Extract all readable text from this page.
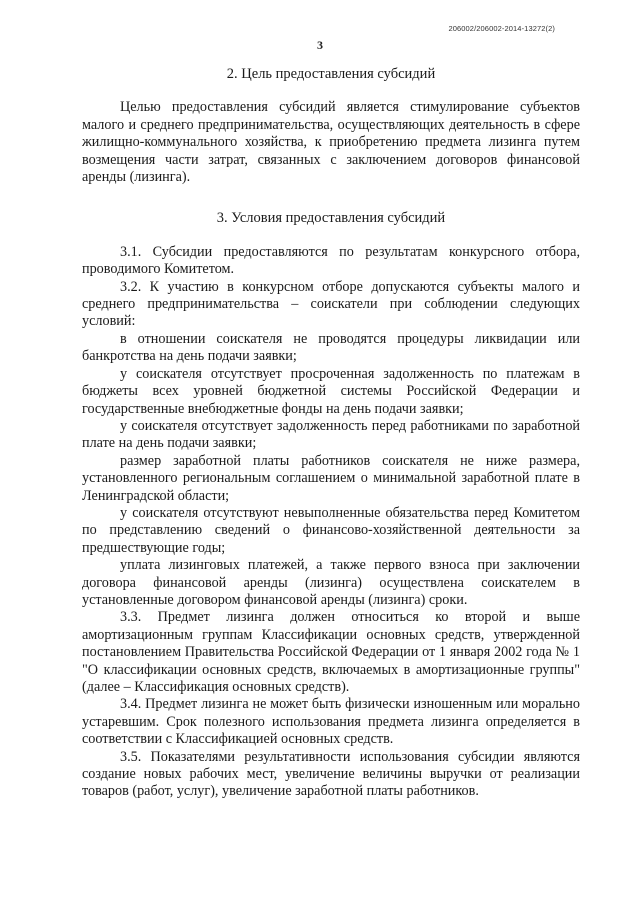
206002/206002-2014-13272(2)
3
2. Цель предоставления субсидий

Целью предоставления субсидий является стимулирование субъектов малого и среднего предпринимательства, осуществляющих деятельность в сфере жилищно-коммунального хозяйства, к приобретению предмета лизинга путем возмещения части затрат, связанных с заключением договоров финансовой аренды (лизинга).

3. Условия предоставления субсидий

3.1. Субсидии предоставляются по результатам конкурсного отбора, проводимого Комитетом.

3.2. К участию в конкурсном отборе допускаются субъекты малого и среднего предпринимательства – соискатели при соблюдении следующих условий:

в отношении соискателя не проводятся процедуры ликвидации или банкротства на день подачи заявки;

у соискателя отсутствует просроченная задолженность по платежам в бюджеты всех уровней бюджетной системы Российской Федерации и государственные внебюджетные фонды на день подачи заявки;

у соискателя отсутствует задолженность перед работниками по заработной плате на день подачи заявки;

размер заработной платы работников соискателя не ниже размера, установленного региональным соглашением о минимальной заработной плате в Ленинградской области;

у соискателя отсутствуют невыполненные обязательства перед Комитетом по представлению сведений о финансово-хозяйственной деятельности за предшествующие годы;

уплата лизинговых платежей, а также первого взноса при заключении договора финансовой аренды (лизинга) осуществлена соискателем в установленные договором финансовой аренды (лизинга) сроки.

3.3. Предмет лизинга должен относиться ко второй и выше амортизационным группам Классификации основных средств, утвержденной постановлением Правительства Российской Федерации от 1 января 2002 года № 1 "О классификации основных средств, включаемых в амортизационные группы" (далее – Классификация основных средств).

3.4. Предмет лизинга не может быть физически изношенным или морально устаревшим. Срок полезного использования предмета лизинга определяется в соответствии с Классификацией основных средств.

3.5. Показателями результативности использования субсидии являются создание новых рабочих мест, увеличение величины выручки от реализации товаров (работ, услуг), увеличение заработной платы работников.
